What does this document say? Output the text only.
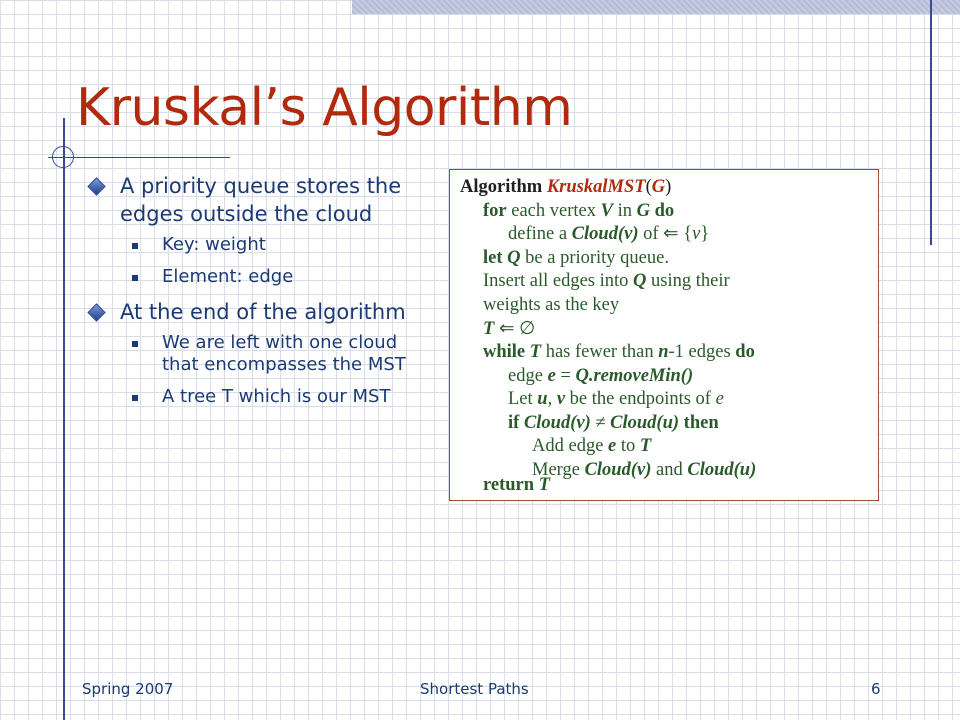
Kruskal’s Algorithm
A priority queue stores the edges outside the cloud
Key: weight
Element: edge
At the end of the algorithm
We are left with one cloud that encompasses the MST
A tree T which is our MST
Algorithm KruskalMST(G)
for each vertex V in G do
define a Cloud(v) of ⇐ {v}
let Q be a priority queue.
Insert all edges into Q using their
weights as the key
T ⇐ ∅
while T has fewer than n-1 edges do
edge e = Q.removeMin()
Let u, v be the endpoints of e
if Cloud(v) ≠ Cloud(u) then
Add edge e to T
Merge Cloud(v) and Cloud(u)
return T
Spring 2007	Shortest Paths	6
